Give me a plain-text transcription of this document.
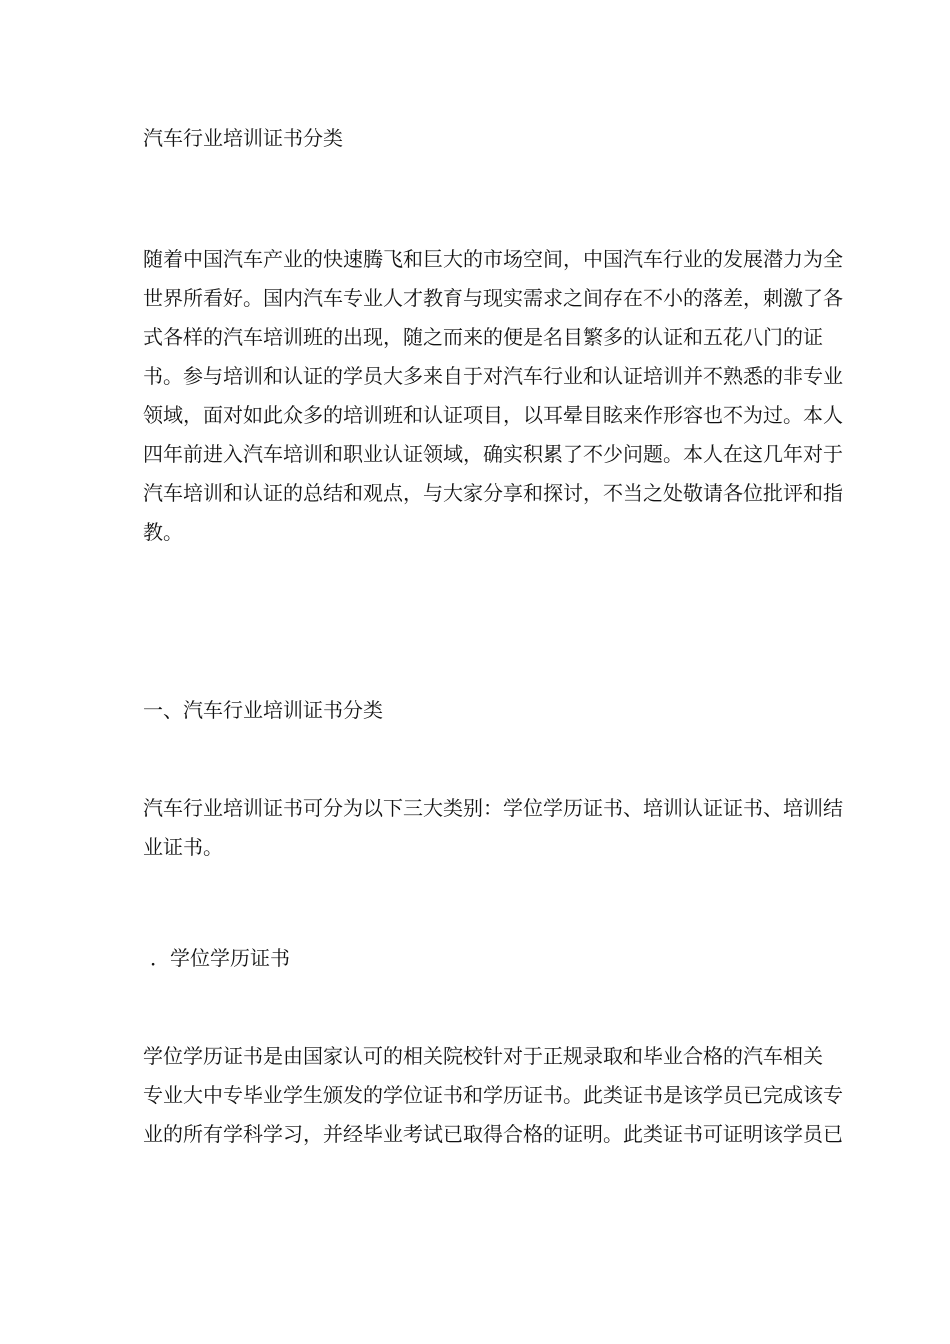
汽车行业培训证书分类
随着中国汽车产业的快速腾飞和巨大的市场空间，中国汽车行业的发展潜力为全
世界所看好。国内汽车专业人才教育与现实需求之间存在不小的落差，刺激了各
式各样的汽车培训班的出现，随之而来的便是名目繁多的认证和五花八门的证
书。参与培训和认证的学员大多来自于对汽车行业和认证培训并不熟悉的非专业
领域，面对如此众多的培训班和认证项目，以耳晕目眩来作形容也不为过。本人
四年前进入汽车培训和职业认证领域，确实积累了不少问题。本人在这几年对于
汽车培训和认证的总结和观点，与大家分享和探讨，不当之处敬请各位批评和指
教。
一、汽车行业培训证书分类
汽车行业培训证书可分为以下三大类别：学位学历证书、培训认证证书、培训结
业证书。
．学位学历证书
学位学历证书是由国家认可的相关院校针对于正规录取和毕业合格的汽车相关
专业大中专毕业学生颁发的学位证书和学历证书。此类证书是该学员已完成该专
业的所有学科学习，并经毕业考试已取得合格的证明。此类证书可证明该学员已
